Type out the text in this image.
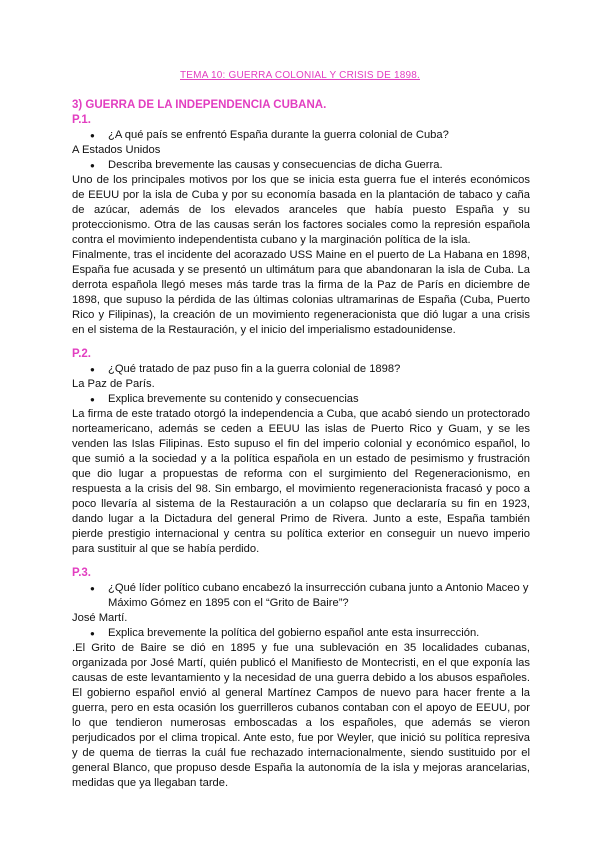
TEMA 10: GUERRA COLONIAL Y CRISIS DE 1898.

3) GUERRA DE LA INDEPENDENCIA CUBANA.

P.1.

● ¿A qué país se enfrentó España durante la guerra colonial de Cuba?

A Estados Unidos

● Describa brevemente las causas y consecuencias de dicha Guerra.

Uno de los principales motivos por los que se inicia esta guerra fue el interés económicos de EEUU por la isla de Cuba y por su economía basada en la plantación de tabaco y caña de azúcar, además de los elevados aranceles que había puesto España y su proteccionismo. Otra de las causas serán los factores sociales como la represión española contra el movimiento independentista cubano y la marginación política de la isla.

Finalmente, tras el incidente del acorazado USS Maine en el puerto de La Habana en 1898, España fue acusada y se presentó un ultimátum para que abandonaran la isla de Cuba. La derrota española llegó meses más tarde tras la firma de la Paz de París en diciembre de 1898, que supuso la pérdida de las últimas colonias ultramarinas de España (Cuba, Puerto Rico y Filipinas), la creación de un movimiento regeneracionista que dió lugar a una crisis en el sistema de la Restauración, y el inicio del imperialismo estadounidense.

P.2.

● ¿Qué tratado de paz puso fin a la guerra colonial de 1898?

La Paz de París.

● Explica brevemente su contenido y consecuencias

La firma de este tratado otorgó la independencia a Cuba, que acabó siendo un protectorado norteamericano, además se ceden a EEUU las islas de Puerto Rico y Guam, y se les venden las Islas Filipinas. Esto supuso el fin del imperio colonial y económico español, lo que sumió a la sociedad y a la política española en un estado de pesimismo y frustración que dio lugar a propuestas de reforma con el surgimiento del Regeneracionismo, en respuesta a la crisis del 98. Sin embargo, el movimiento regeneracionista fracasó y poco a poco llevaría al sistema de la Restauración a un colapso que declararía su fin en 1923, dando lugar a la Dictadura del general Primo de Rivera. Junto a este, España también pierde prestigio internacional y centra su política exterior en conseguir un nuevo imperio para sustituir al que se había perdido.

P.3.

● ¿Qué líder político cubano encabezó la insurrección cubana junto a Antonio Maceo y Máximo Gómez en 1895 con el “Grito de Baire”?

José Martí.

● Explica brevemente la política del gobierno español ante esta insurrección.

.El Grito de Baire se dió en 1895 y fue una sublevación en 35 localidades cubanas, organizada por José Martí, quién publicó el Manifiesto de Montecristi, en el que exponía las causas de este levantamiento y la necesidad de una guerra debido a los abusos españoles. El gobierno español envió al general Martínez Campos de nuevo para hacer frente a la guerra, pero en esta ocasión los guerrilleros cubanos contaban con el apoyo de EEUU, por lo que tendieron numerosas emboscadas a los españoles, que además se vieron perjudicados por el clima tropical. Ante esto, fue por Weyler, que inició su política represiva y de quema de tierras la cuál fue rechazado internacionalmente, siendo sustituido por el general Blanco, que propuso desde España la autonomía de la isla y mejoras arancelarias, medidas que ya llegaban tarde.
